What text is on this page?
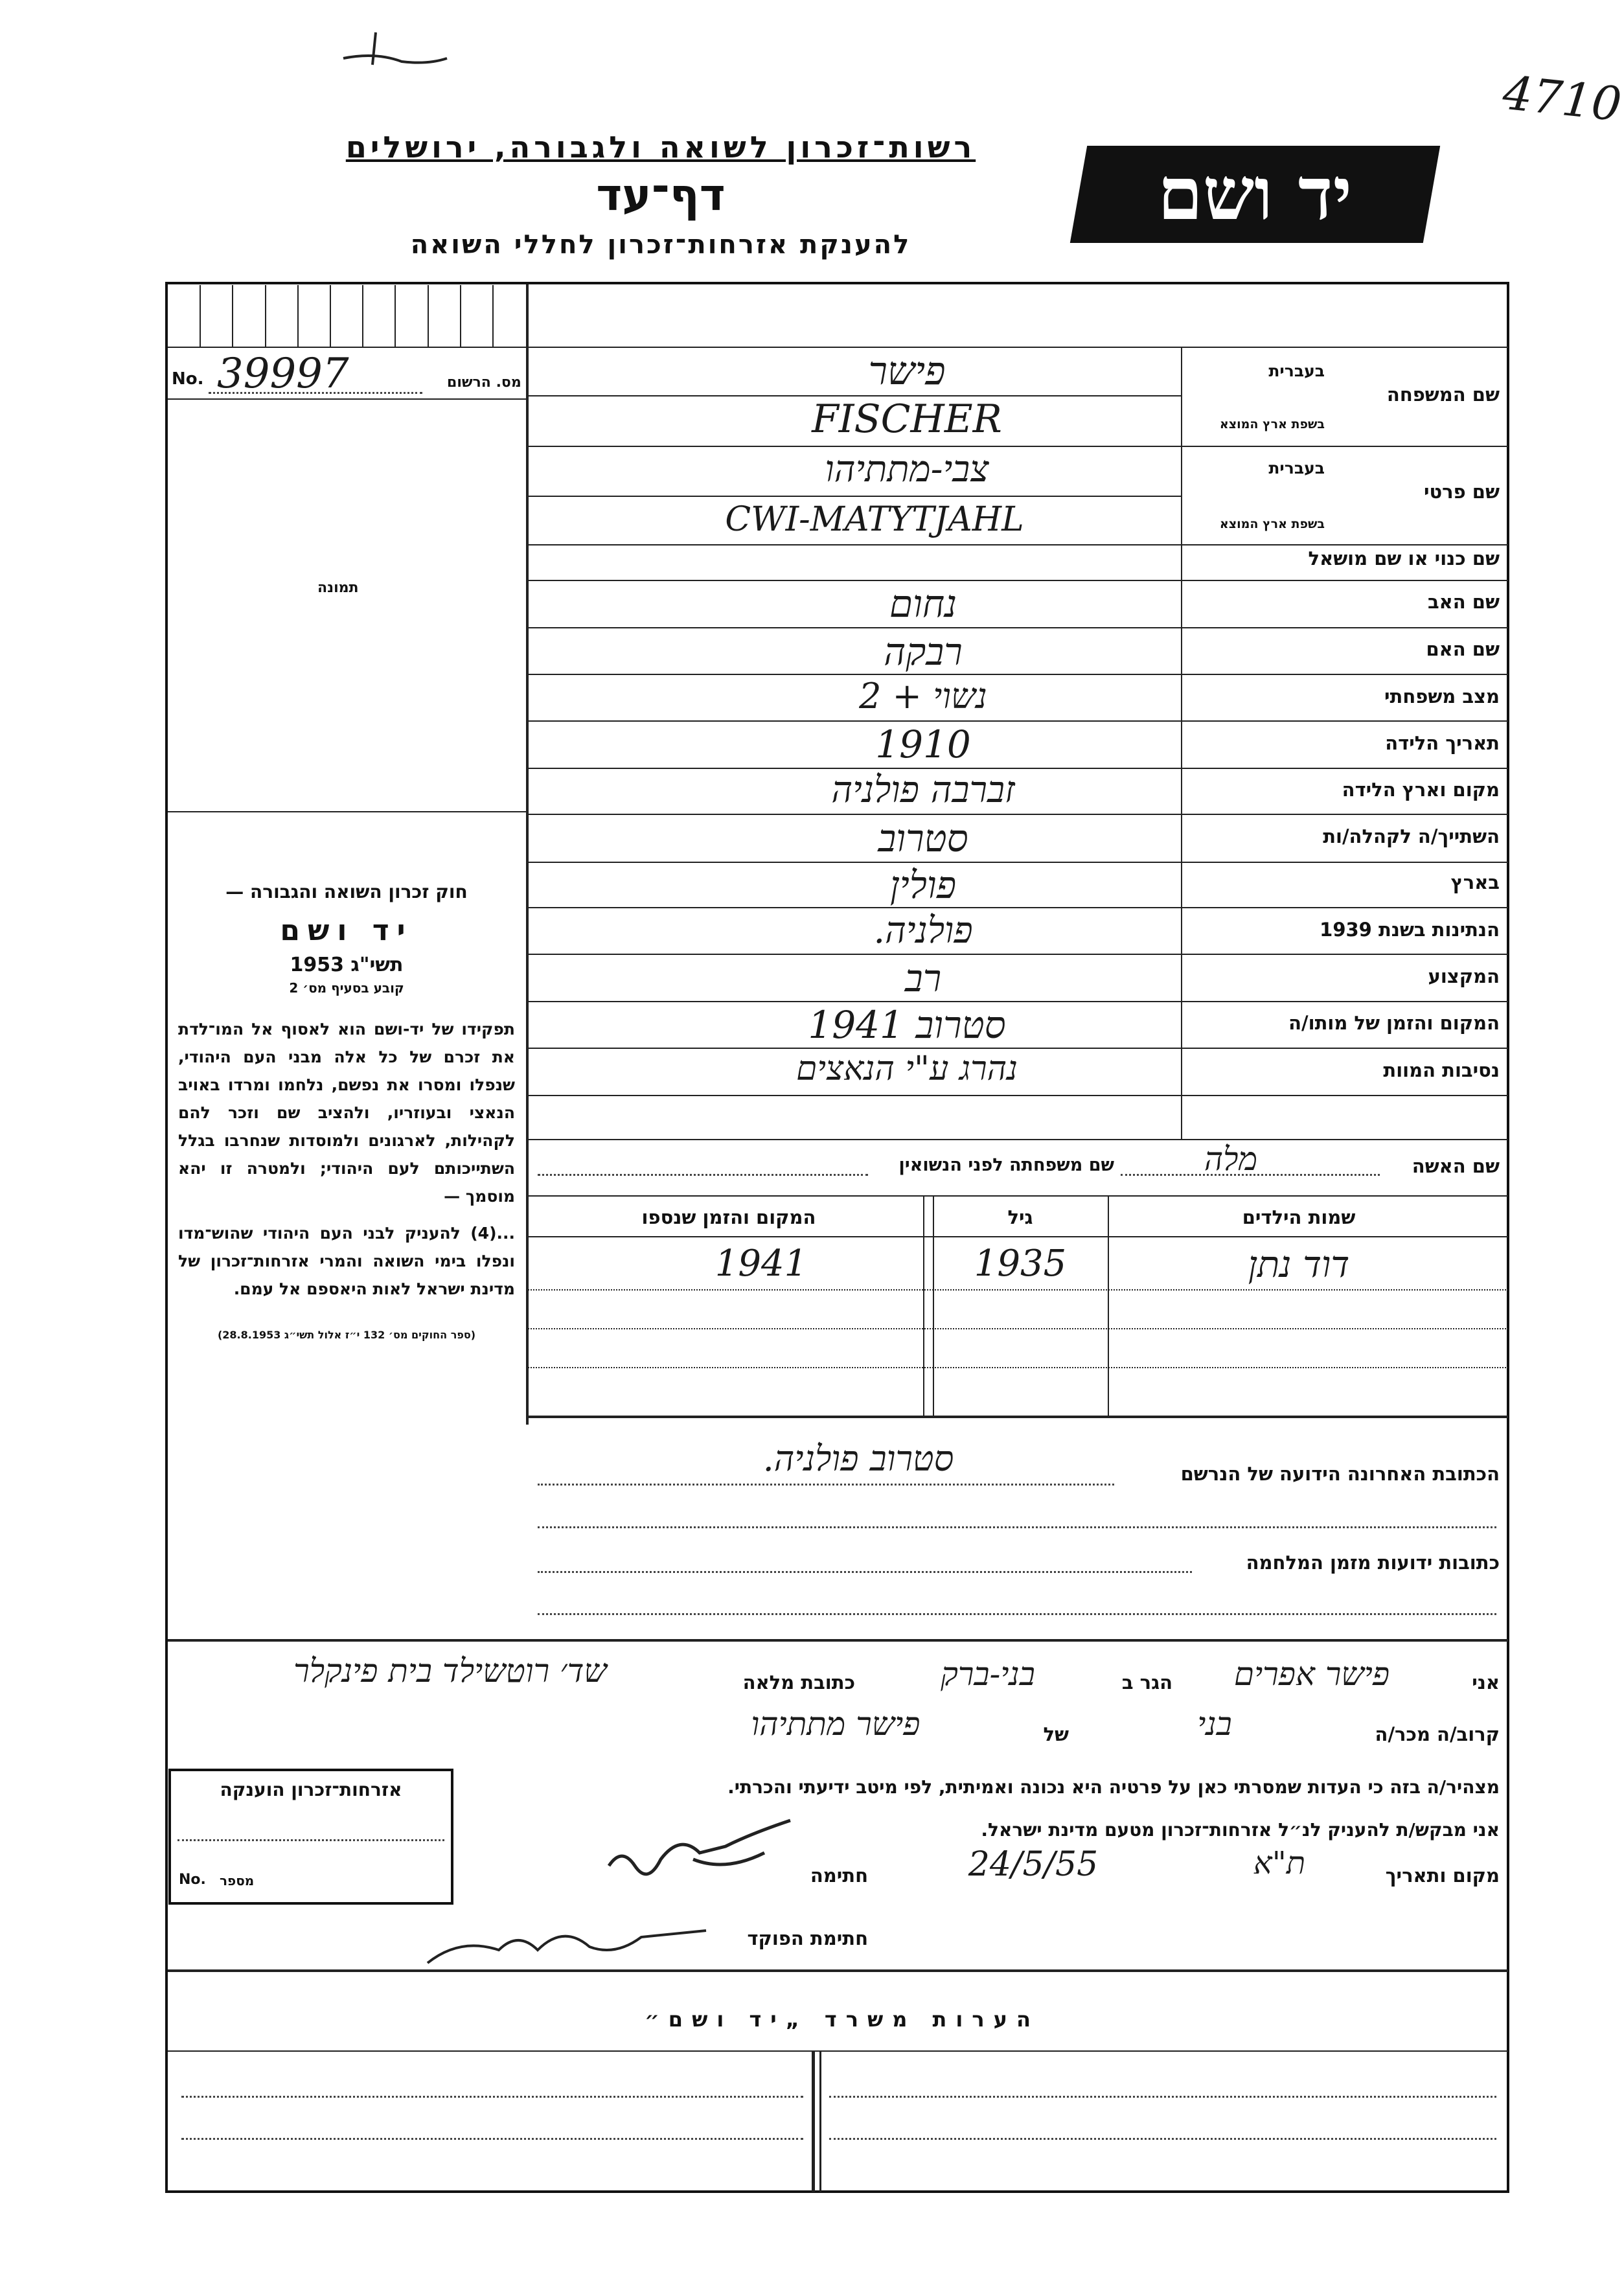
4710
רשות־זכרון לשואה ולגבורה, ירושלים
דף־עד
להענקת אזרחות־זכרון לחללי השואה
יד ושם
מס. הרשום
No. 39997
תמונה
חוק זכרון השואה והגבורה —
יד ושם
תשי"ג 1953
קובע בסעיף מס׳ 2
תפקידו של יד-ושם הוא לאסוף אל המו־לדת את זכרם של כל אלה מבני העם היהודי, שנפלו ומסרו את נפשם, נלחמו ומרדו באויב הנאצי ובעוזריו, ולהציב שם וזכר להם לקהילות, לארגונים ולמוסדות שנחרבו בגלל השתייכותם לעם היהודי; ולמטרה זו יהא מוסמך —
...(4) להעניק לבני העם היהודי שהוש־מדו ונפלו בימי השואה והמרי אזרחות־זכרון של מדינת ישראל לאות היאספם אל עמם.
(ספר החוקים מס׳ 132 י״ז אלול תשי״ג 28.8.1953)
שם המשפחה
בעברית
בשפת ארץ המוצא
פישר
FISCHER
שם פרטי
בעברית
בשפת ארץ המוצא
צבי-מתתיהו
CWI-MATYTJAHL
שם כנוי או שם מושאל
שם האב
נחום
שם האם
רבקה
מצב משפחתי
נשוי + 2
תאריך הלידה
1910
מקום וארץ הלידה
זברבה פולניה
השתייך/ה לקהלה/ות
סטרוב
בארץ
פולין
הנתינות בשנת 1939
פולניה.
המקצוע
רב
המקום והזמן של מותו/ה
סטרוב 1941
נסיבות המוות
נהרג ע"י הנאצים
שם האשה
מלה
שם משפחתה לפני הנשואין
שמות הילדים
גיל
המקום והזמן שנספו
דוד נתן
1935
1941
הכתובת האחרונה הידועה של הנרשם
סטרוב פולניה.
כתובות ידועות מזמן המלחמה
אני
פישר אפרים
הגר ב
בני-ברק
כתובת מלאה
שד׳ רוטשילד בית פינקלר
קרוב/ה מכר/ה
בני
של
פישר מתתיהו
מצהיר/ה בזה כי העדות שמסרתי כאן על פרטיה היא נכונה ואמיתית, לפי מיטב ידיעתי והכרתי.
אני מבקש/ת להעניק לנ״ל אזרחות־זכרון מטעם מדינת ישראל.
מקום ותאריך
ת"א
24/5/55
חתימה
חתימת הפוקד
אזרחות־זכרון הוענקה
No. מספר
הערות משרד „יד ושם״
